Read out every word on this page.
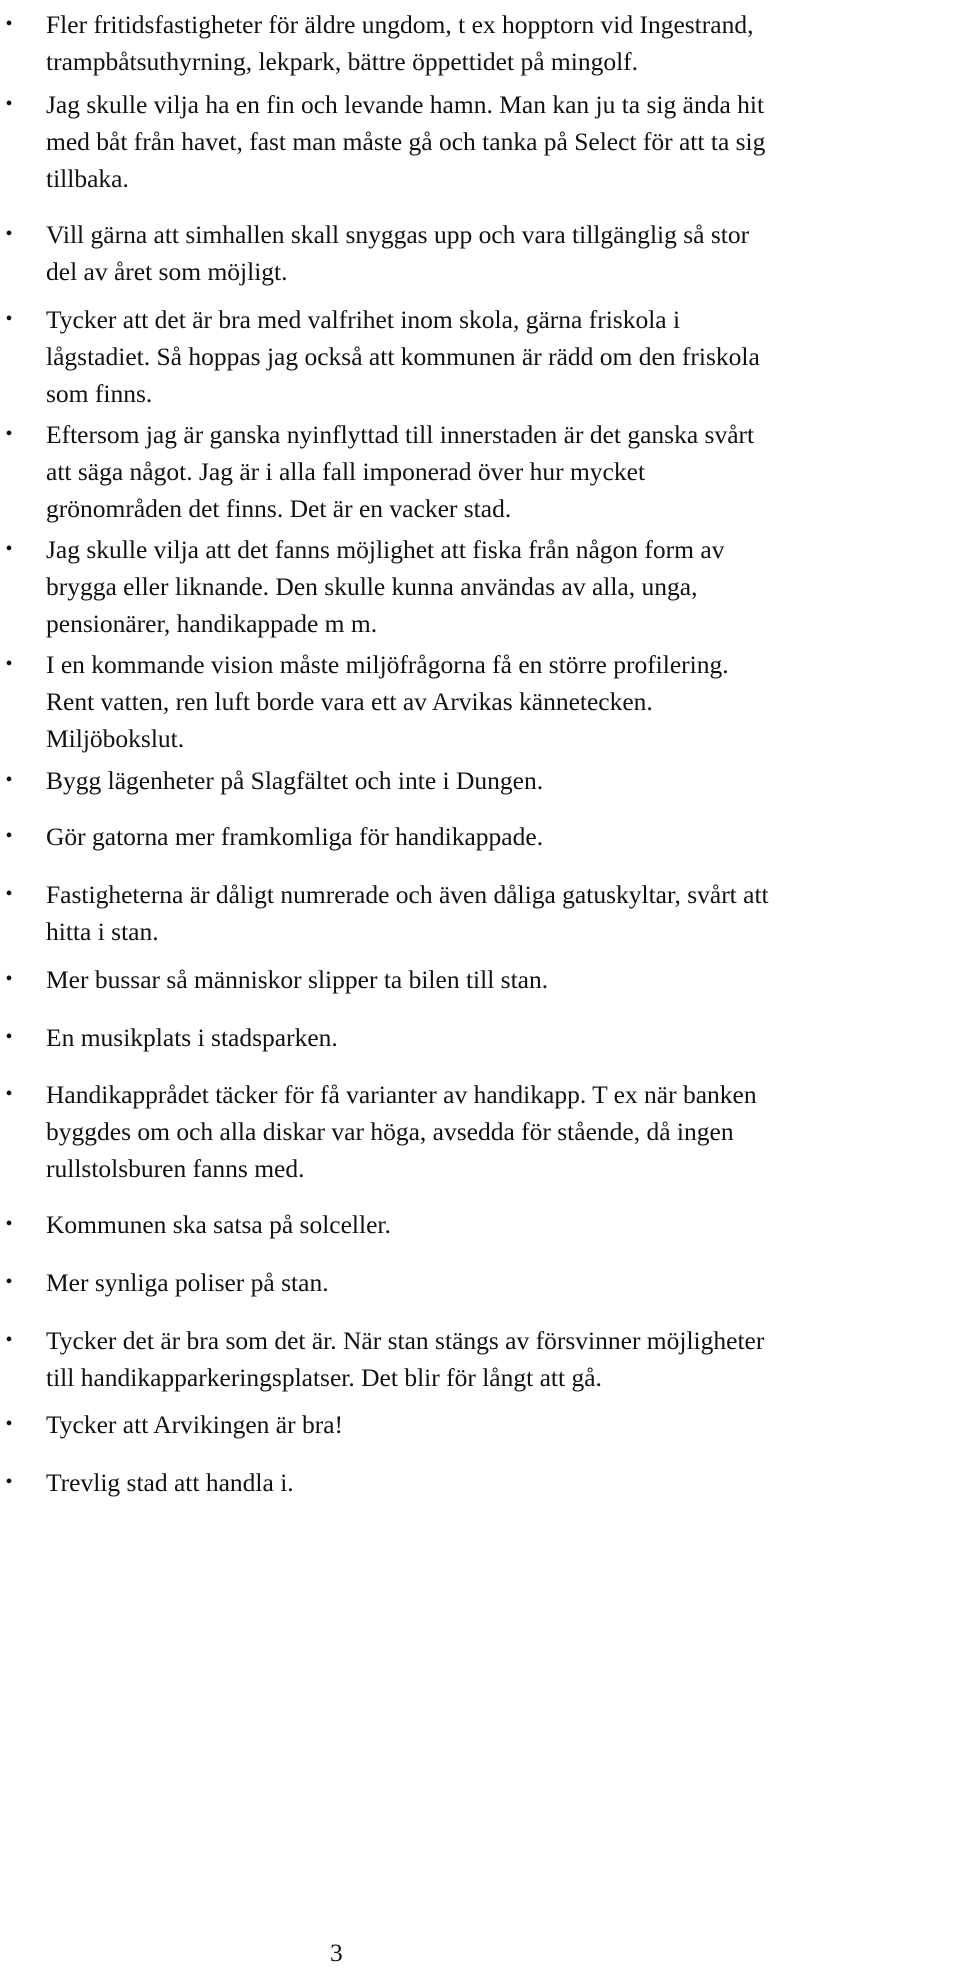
• Fler fritidsfastigheter för äldre ungdom, t ex hopptorn vid Ingestrand,
trampbåtsuthyrning, lekpark, bättre öppettidet på mingolf.
• Jag skulle vilja ha en fin och levande hamn. Man kan ju ta sig ända hit
med båt från havet, fast man måste gå och tanka på Select för att ta sig
tillbaka.
• Vill gärna att simhallen skall snyggas upp och vara tillgänglig så stor
del av året som möjligt.
• Tycker att det är bra med valfrihet inom skola, gärna friskola i
lågstadiet. Så hoppas jag också att kommunen är rädd om den friskola
som finns.
• Eftersom jag är ganska nyinflyttad till innerstaden är det ganska svårt
att säga något. Jag är i alla fall imponerad över hur mycket
grönområden det finns. Det är en vacker stad.
• Jag skulle vilja att det fanns möjlighet att fiska från någon form av
brygga eller liknande. Den skulle kunna användas av alla, unga,
pensionärer, handikappade m m.
• I en kommande vision måste miljöfrågorna få en större profilering.
Rent vatten, ren luft borde vara ett av Arvikas kännetecken.
Miljöbokslut.
• Bygg lägenheter på Slagfältet och inte i Dungen.
• Gör gatorna mer framkomliga för handikappade.
• Fastigheterna är dåligt numrerade och även dåliga gatuskyltar, svårt att
hitta i stan.
• Mer bussar så människor slipper ta bilen till stan.
• En musikplats i stadsparken.
• Handikapprådet täcker för få varianter av handikapp. T ex när banken
byggdes om och alla diskar var höga, avsedda för stående, då ingen
rullstolsburen fanns med.
• Kommunen ska satsa på solceller.
• Mer synliga poliser på stan.
• Tycker det är bra som det är. När stan stängs av försvinner möjligheter
till handikapparkeringsplatser. Det blir för långt att gå.
• Tycker att Arvikingen är bra!
• Trevlig stad att handla i.
3
